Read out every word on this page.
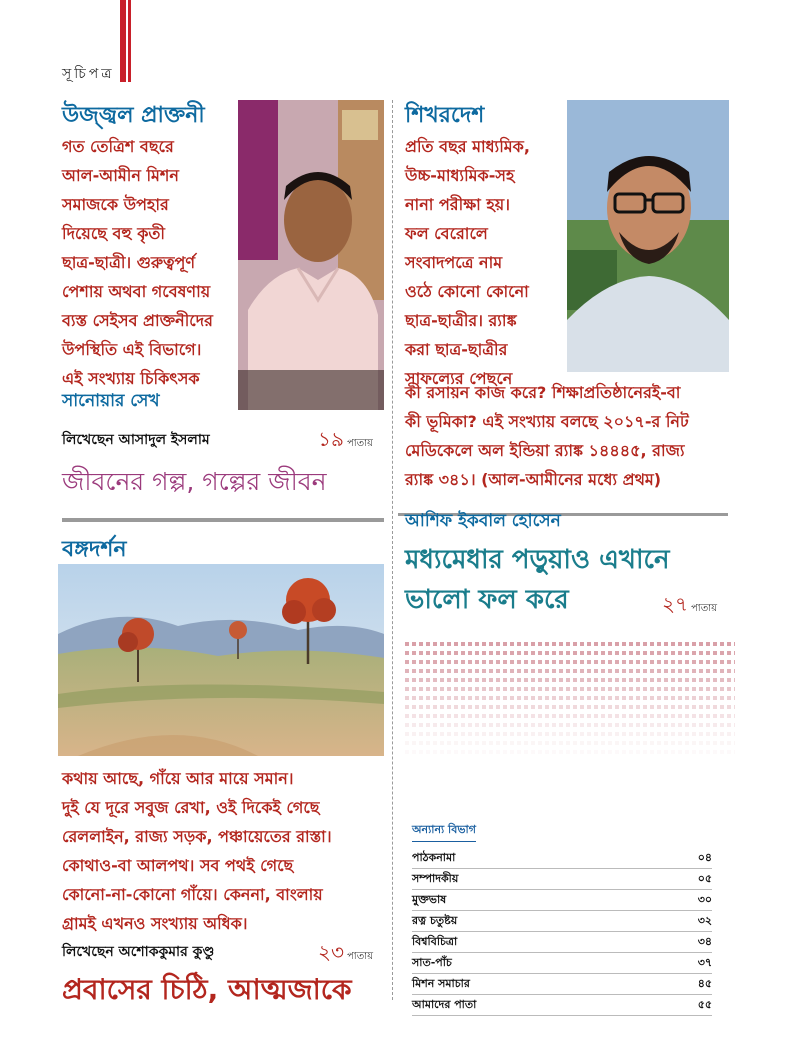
সূচিপত্র
উজ্জ্বল প্রাক্তনী
গত তেত্রিশ বছরে
আল-আমীন মিশন
সমাজকে উপহার
দিয়েছে বহু কৃতী
ছাত্র-ছাত্রী। গুরুত্বপূর্ণ
পেশায় অথবা গবেষণায়
ব্যস্ত সেইসব প্রাক্তনীদের
উপস্থিতি এই বিভাগে।
এই সংখ্যায় চিকিৎসক
সানোয়ার সেখ
লিখেছেন আসাদুল ইসলাম	১৯ পাতায়
জীবনের গল্প, গল্পের জীবন
শিখরদেশ
প্রতি বছর মাধ্যমিক,
উচ্চ-মাধ্যমিক-সহ
নানা পরীক্ষা হয়।
ফল বেরোলে
সংবাদপত্রে নাম
ওঠে কোনো কোনো
ছাত্র-ছাত্রীর। র‍্যাঙ্ক
করা ছাত্র-ছাত্রীর
সাফল্যের পেছনে
কী রসায়ন কাজ করে? শিক্ষাপ্রতিষ্ঠানেরই-বা
কী ভূমিকা? এই সংখ্যায় বলছে ২০১৭-র নিট
মেডিকেলে অল ইন্ডিয়া র‍্যাঙ্ক ১৪৪৪৫, রাজ্য
র‍্যাঙ্ক ৩৪১। (আল-আমীনের মধ্যে প্রথম)
আশিফ ইকবাল হোসেন
মধ্যমেধার পড়ুয়াও এখানে
ভালো ফল করে	২৭ পাতায়
বঙ্গদর্শন
কথায় আছে, গাঁয়ে আর মায়ে সমান।
দুই যে দূরে সবুজ রেখা, ওই দিকেই গেছে
রেললাইন, রাজ্য সড়ক, পঞ্চায়েতের রাস্তা।
কোথাও-বা আলপথ। সব পথই গেছে
কোনো-না-কোনো গাঁয়ে। কেননা, বাংলায়
গ্রামই এখনও সংখ্যায় অধিক।
লিখেছেন অশোককুমার কুণ্ডু	২৩ পাতায়
প্রবাসের চিঠি, আত্মজাকে
অন্যান্য বিভাগ
পাঠকনামা	০৪
সম্পাদকীয়	০৫
মুক্তভাষ	৩০
রত্ন চতুষ্টয়	৩২
বিশ্ববিচিত্রা	৩৪
সাত-পাঁচ	৩৭
মিশন সমাচার	৪৫
আমাদের পাতা	৫৫
